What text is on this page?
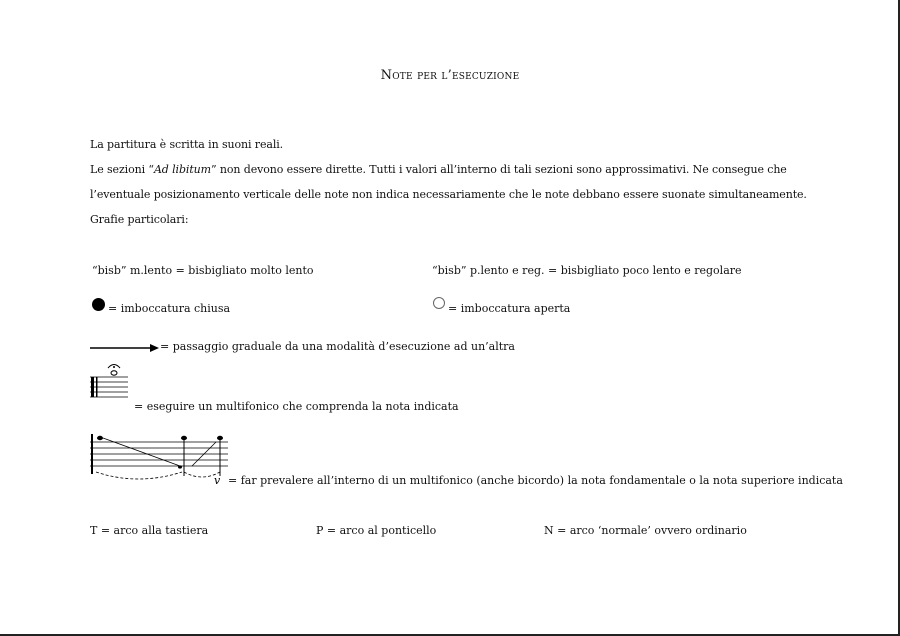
Note per l’esecuzione
La partitura è scritta in suoni reali.
Le sezioni “Ad libitum” non devono essere dirette. Tutti i valori all’interno di tali sezioni sono approssimativi. Ne consegue che l’eventuale posizionamento verticale delle note non indica necessariamente che le note debbano essere suonate simultaneamente.
Grafie particolari:
“bisb” m.lento = bisbigliato molto lento	“bisb” p.lento e reg. = bisbigliato poco lento e regolare
= imboccatura chiusa	= imboccatura aperta
= passaggio graduale da una modalità d’esecuzione ad un’altra
= eseguire un multifonico che comprenda la nota indicata
v = far prevalere all’interno di un multifonico (anche bicordo) la nota fondamentale o la nota superiore indicata
T = arco alla tastiera	P = arco al ponticello	N = arco ‘normale’ ovvero ordinario
